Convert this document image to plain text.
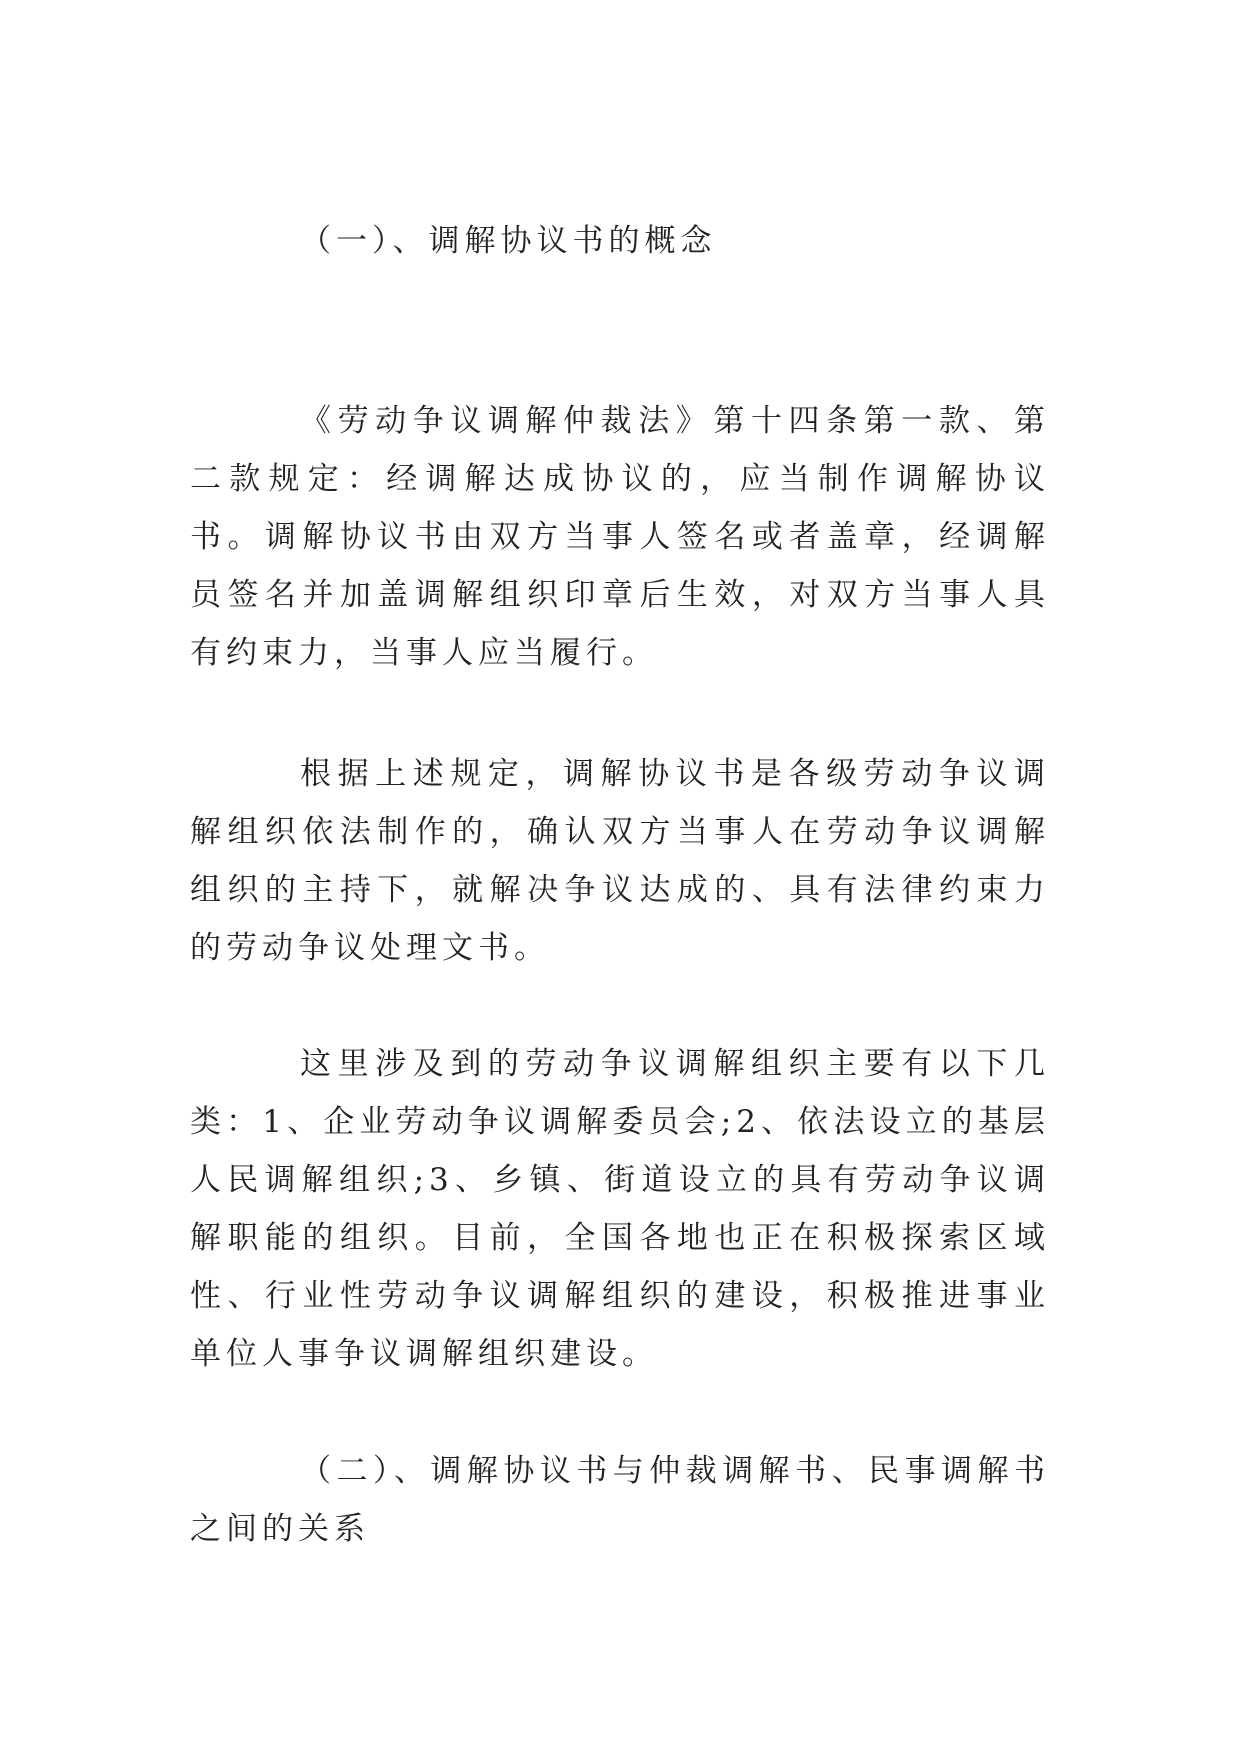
（一）、调解协议书的概念

《劳动争议调解仲裁法》第十四条第一款、第二款规定：经调解达成协议的，应当制作调解协议书。调解协议书由双方当事人签名或者盖章，经调解员签名并加盖调解组织印章后生效，对双方当事人具有约束力，当事人应当履行。

根据上述规定，调解协议书是各级劳动争议调解组织依法制作的，确认双方当事人在劳动争议调解组织的主持下，就解决争议达成的、具有法律约束力的劳动争议处理文书。

这里涉及到的劳动争议调解组织主要有以下几类：1、企业劳动争议调解委员会;2、依法设立的基层人民调解组织;3、乡镇、街道设立的具有劳动争议调解职能的组织。目前，全国各地也正在积极探索区域性、行业性劳动争议调解组织的建设，积极推进事业单位人事争议调解组织建设。

（二）、调解协议书与仲裁调解书、民事调解书之间的关系
